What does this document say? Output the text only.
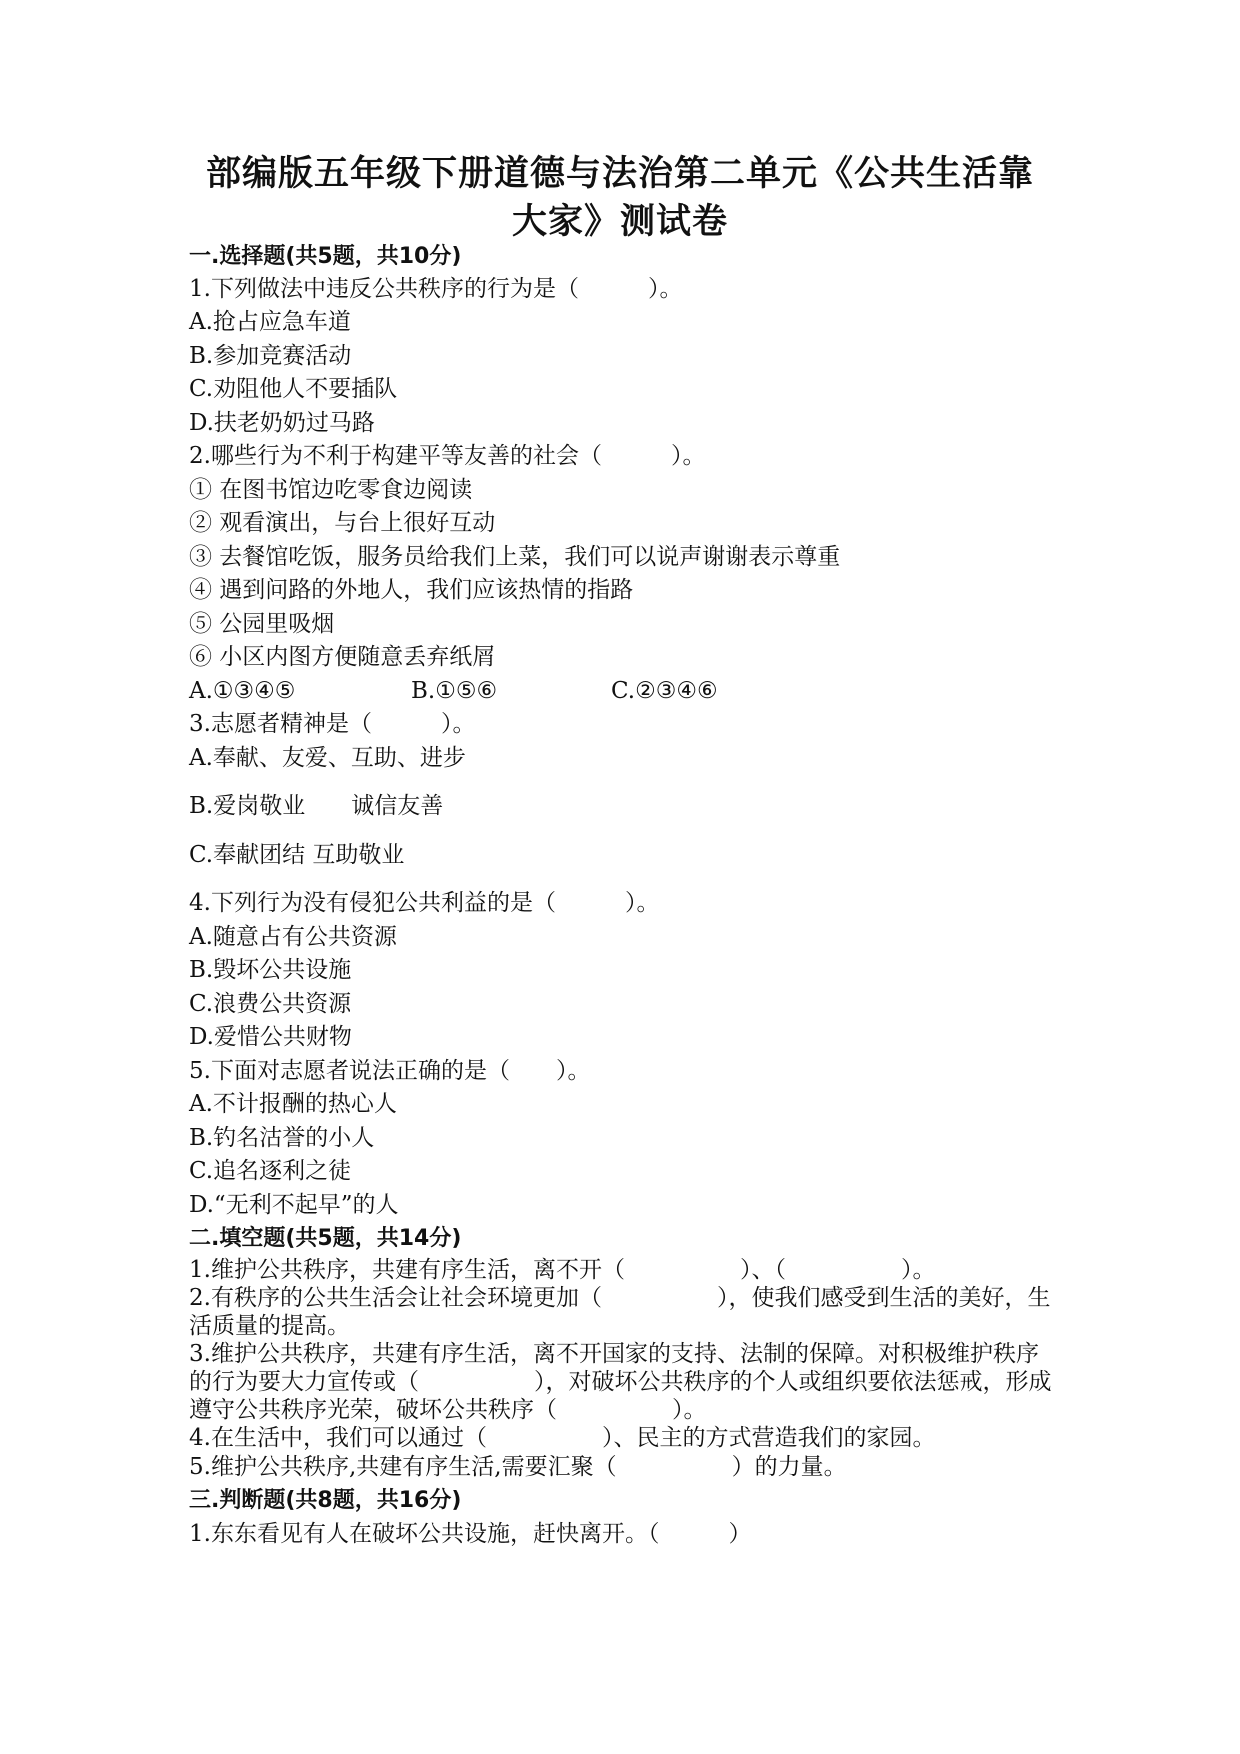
部编版五年级下册道德与法治第二单元《公共生活靠
大家》测试卷
一.选择题(共5题，共10分)
1.下列做法中违反公共秩序的行为是（　　　）。
A.抢占应急车道
B.参加竞赛活动
C.劝阻他人不要插队
D.扶老奶奶过马路
2.哪些行为不利于构建平等友善的社会（　　　）。
① 在图书馆边吃零食边阅读
② 观看演出，与台上很好互动
③ 去餐馆吃饭，服务员给我们上菜，我们可以说声谢谢表示尊重
④ 遇到问路的外地人，我们应该热情的指路
⑤ 公园里吸烟
⑥ 小区内图方便随意丢弃纸屑
A.①③④⑤	B.①⑤⑥	C.②③④⑥
3.志愿者精神是（　　　）。
A.奉献、友爱、互助、进步
B.爱岗敬业　　诚信友善
C.奉献团结 互助敬业
4.下列行为没有侵犯公共利益的是（　　　）。
A.随意占有公共资源
B.毁坏公共设施
C.浪费公共资源
D.爱惜公共财物
5.下面对志愿者说法正确的是（　　）。
A.不计报酬的热心人
B.钓名沽誉的小人
C.追名逐利之徒
D.“无利不起早”的人
二.填空题(共5题，共14分)
1.维护公共秩序，共建有序生活，离不开（　　　　　）、（　　　　　）。
2.有秩序的公共生活会让社会环境更加（　　　　　），使我们感受到生活的美好，生活质量的提高。
3.维护公共秩序，共建有序生活，离不开国家的支持、法制的保障。对积极维护秩序的行为要大力宣传或（　　　　　），对破坏公共秩序的个人或组织要依法惩戒，形成遵守公共秩序光荣，破坏公共秩序（　　　　　）。
4.在生活中，我们可以通过（　　　　　）、民主的方式营造我们的家园。
5.维护公共秩序,共建有序生活,需要汇聚（　　　　　）的力量。
三.判断题(共8题，共16分)
1.东东看见有人在破坏公共设施，赶快离开。（　　　）
